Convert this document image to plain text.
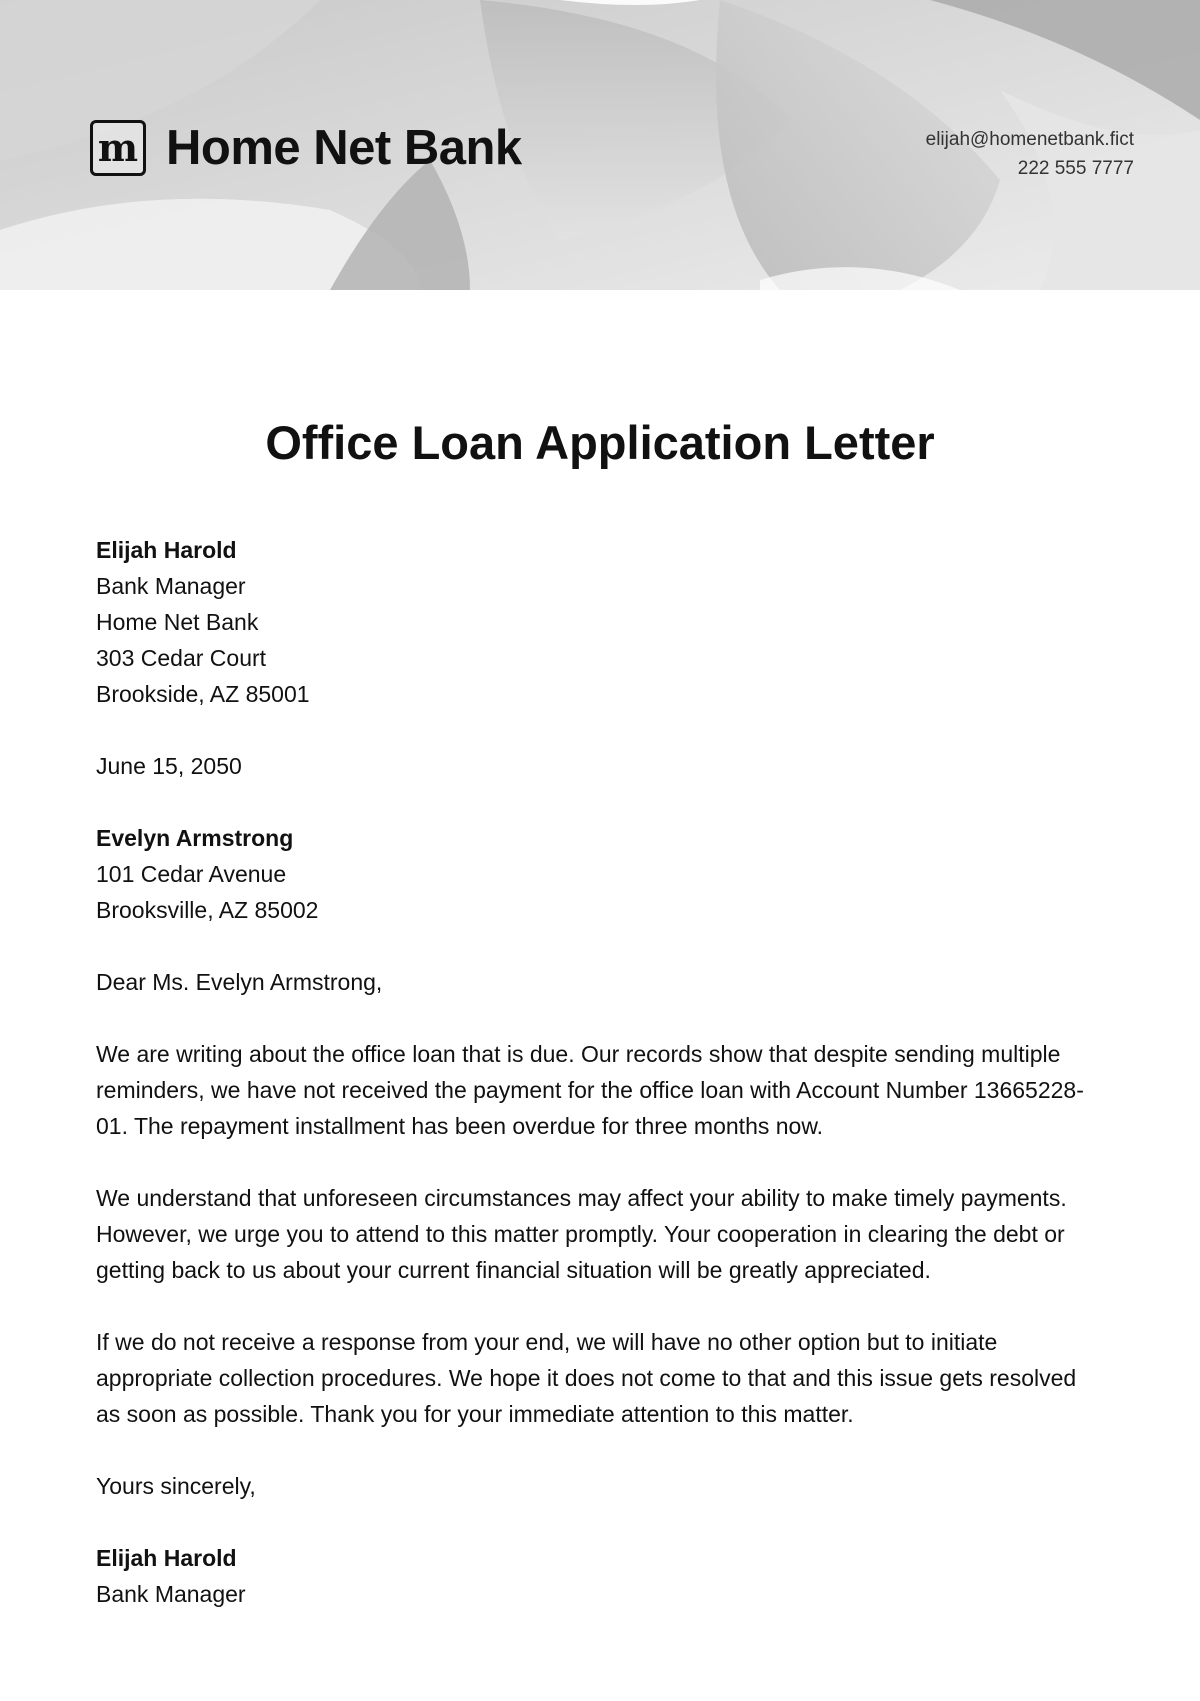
m Home Net Bank	elijah@homenetbank.fict
222 555 7777
Office Loan Application Letter

Elijah Harold
Bank Manager
Home Net Bank
303 Cedar Court
Brookside, AZ 85001

June 15, 2050

Evelyn Armstrong
101 Cedar Avenue
Brooksville, AZ 85002

Dear Ms. Evelyn Armstrong,

We are writing about the office loan that is due. Our records show that despite sending multiple reminders, we have not received the payment for the office loan with Account Number 13665228-01. The repayment installment has been overdue for three months now.

We understand that unforeseen circumstances may affect your ability to make timely payments. However, we urge you to attend to this matter promptly. Your cooperation in clearing the debt or getting back to us about your current financial situation will be greatly appreciated.

If we do not receive a response from your end, we will have no other option but to initiate appropriate collection procedures. We hope it does not come to that and this issue gets resolved as soon as possible. Thank you for your immediate attention to this matter.

Yours sincerely,

Elijah Harold
Bank Manager
